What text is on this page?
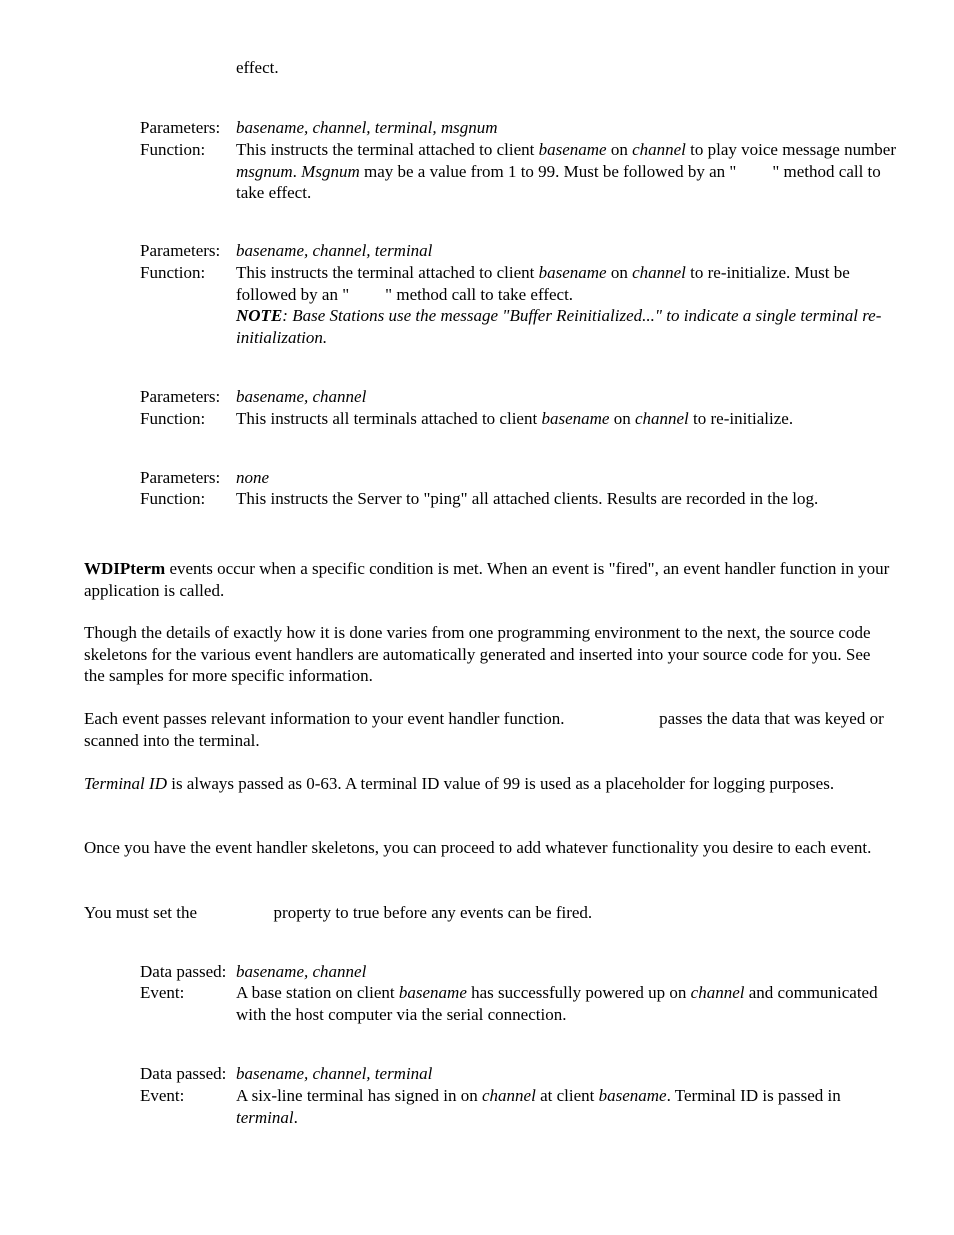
effect.
Parameters: basename, channel, terminal, msgnum
Function: This instructs the terminal attached to client basename on channel to play voice message number msgnum. Msgnum may be a value from 1 to 99. Must be followed by an " " method call to take effect.
Parameters: basename, channel, terminal
Function: This instructs the terminal attached to client basename on channel to re-initialize. Must be followed by an " " method call to take effect.
NOTE: Base Stations use the message "Buffer Reinitialized..." to indicate a single terminal re-initialization.
Parameters: basename, channel
Function: This instructs all terminals attached to client basename on channel to re-initialize.
Parameters: none
Function: This instructs the Server to "ping" all attached clients. Results are recorded in the log.
WDIPterm events occur when a specific condition is met. When an event is "fired", an event handler function in your application is called.
Though the details of exactly how it is done varies from one programming environment to the next, the source code skeletons for the various event handlers are automatically generated and inserted into your source code for you. See the samples for more specific information.
Each event passes relevant information to your event handler function.	passes the data that was keyed or scanned into the terminal.
Terminal ID is always passed as 0-63. A terminal ID value of 99 is used as a placeholder for logging purposes.
Once you have the event handler skeletons, you can proceed to add whatever functionality you desire to each event.
You must set the	property to true before any events can be fired.
Data passed: basename, channel
Event:	A base station on client basename has successfully powered up on channel and communicated with the host computer via the serial connection.
Data passed: basename, channel, terminal
Event:	A six-line terminal has signed in on channel at client basename. Terminal ID is passed in terminal.
